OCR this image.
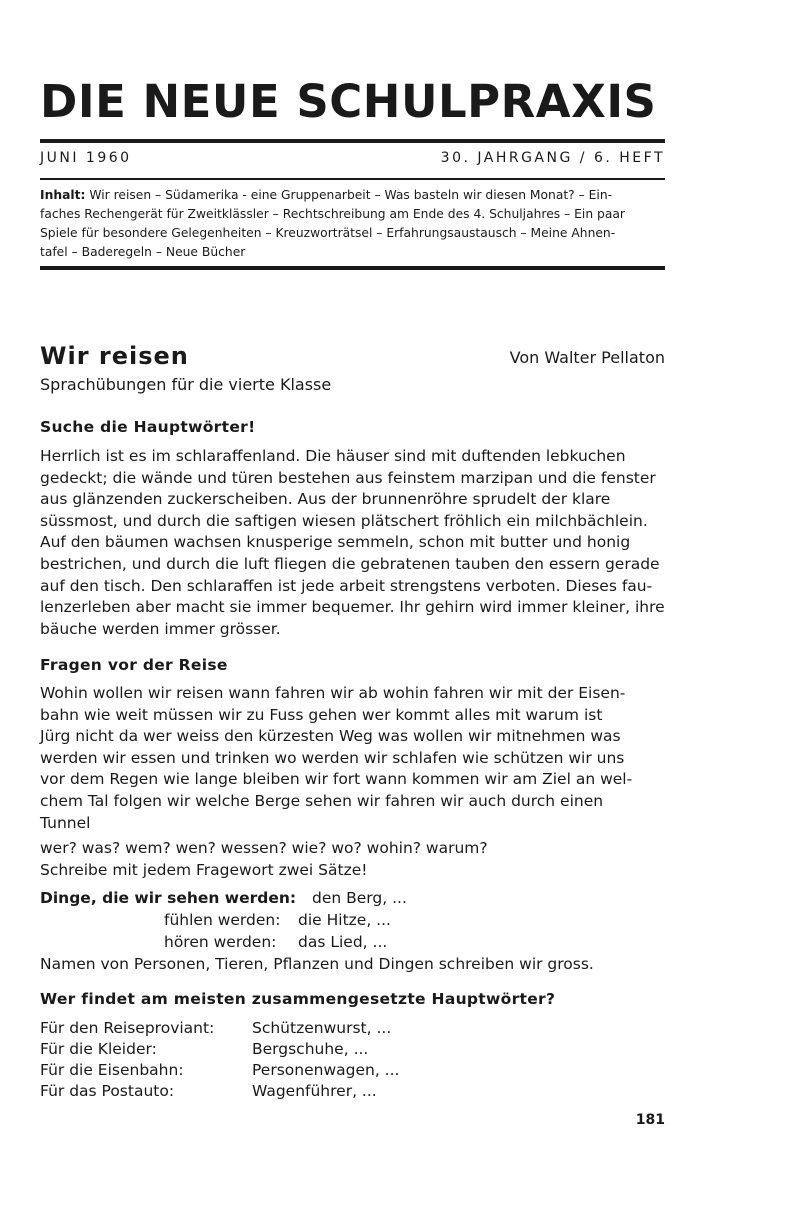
DIE NEUE SCHULPRAXIS
JUNI 1960	30. JAHRGANG / 6. HEFT
Inhalt: Wir reisen – Südamerika - eine Gruppenarbeit – Was basteln wir diesen Monat? – Ein-
faches Rechengerät für Zweitklässler – Rechtschreibung am Ende des 4. Schuljahres – Ein paar
Spiele für besondere Gelegenheiten – Kreuzworträtsel – Erfahrungsaustausch – Meine Ahnen-
tafel – Baderegeln – Neue Bücher
Wir reisen	Von Walter Pellaton
Sprachübungen für die vierte Klasse
Suche die Hauptwörter!
Herrlich ist es im schlaraffenland. Die häuser sind mit duftenden lebkuchen
gedeckt; die wände und türen bestehen aus feinstem marzipan und die fenster
aus glänzenden zuckerscheiben. Aus der brunnenröhre sprudelt der klare
süssmost, und durch die saftigen wiesen plätschert fröhlich ein milchbächlein.
Auf den bäumen wachsen knusperige semmeln, schon mit butter und honig
bestrichen, und durch die luft fliegen die gebratenen tauben den essern gerade
auf den tisch. Den schlaraffen ist jede arbeit strengstens verboten. Dieses fau-
lenzerleben aber macht sie immer bequemer. Ihr gehirn wird immer kleiner, ihre
bäuche werden immer grösser.
Fragen vor der Reise
Wohin wollen wir reisen wann fahren wir ab wohin fahren wir mit der Eisen-
bahn wie weit müssen wir zu Fuss gehen wer kommt alles mit warum ist
Jürg nicht da wer weiss den kürzesten Weg was wollen wir mitnehmen was
werden wir essen und trinken wo werden wir schlafen wie schützen wir uns
vor dem Regen wie lange bleiben wir fort wann kommen wir am Ziel an wel-
chem Tal folgen wir welche Berge sehen wir fahren wir auch durch einen
Tunnel
wer? was? wem? wen? wessen? wie? wo? wohin? warum?
Schreibe mit jedem Fragewort zwei Sätze!
Dinge, die wir sehen werden: den Berg, ...
fühlen werden: die Hitze, ...
hören werden: das Lied, ...
Namen von Personen, Tieren, Pflanzen und Dingen schreiben wir gross.
Wer findet am meisten zusammengesetzte Hauptwörter?
Für den Reiseproviant: Schützenwurst, ...
Für die Kleider:	Bergschuhe, ...
Für die Eisenbahn:	Personenwagen, ...
Für das Postauto:	Wagenführer, ...
181
